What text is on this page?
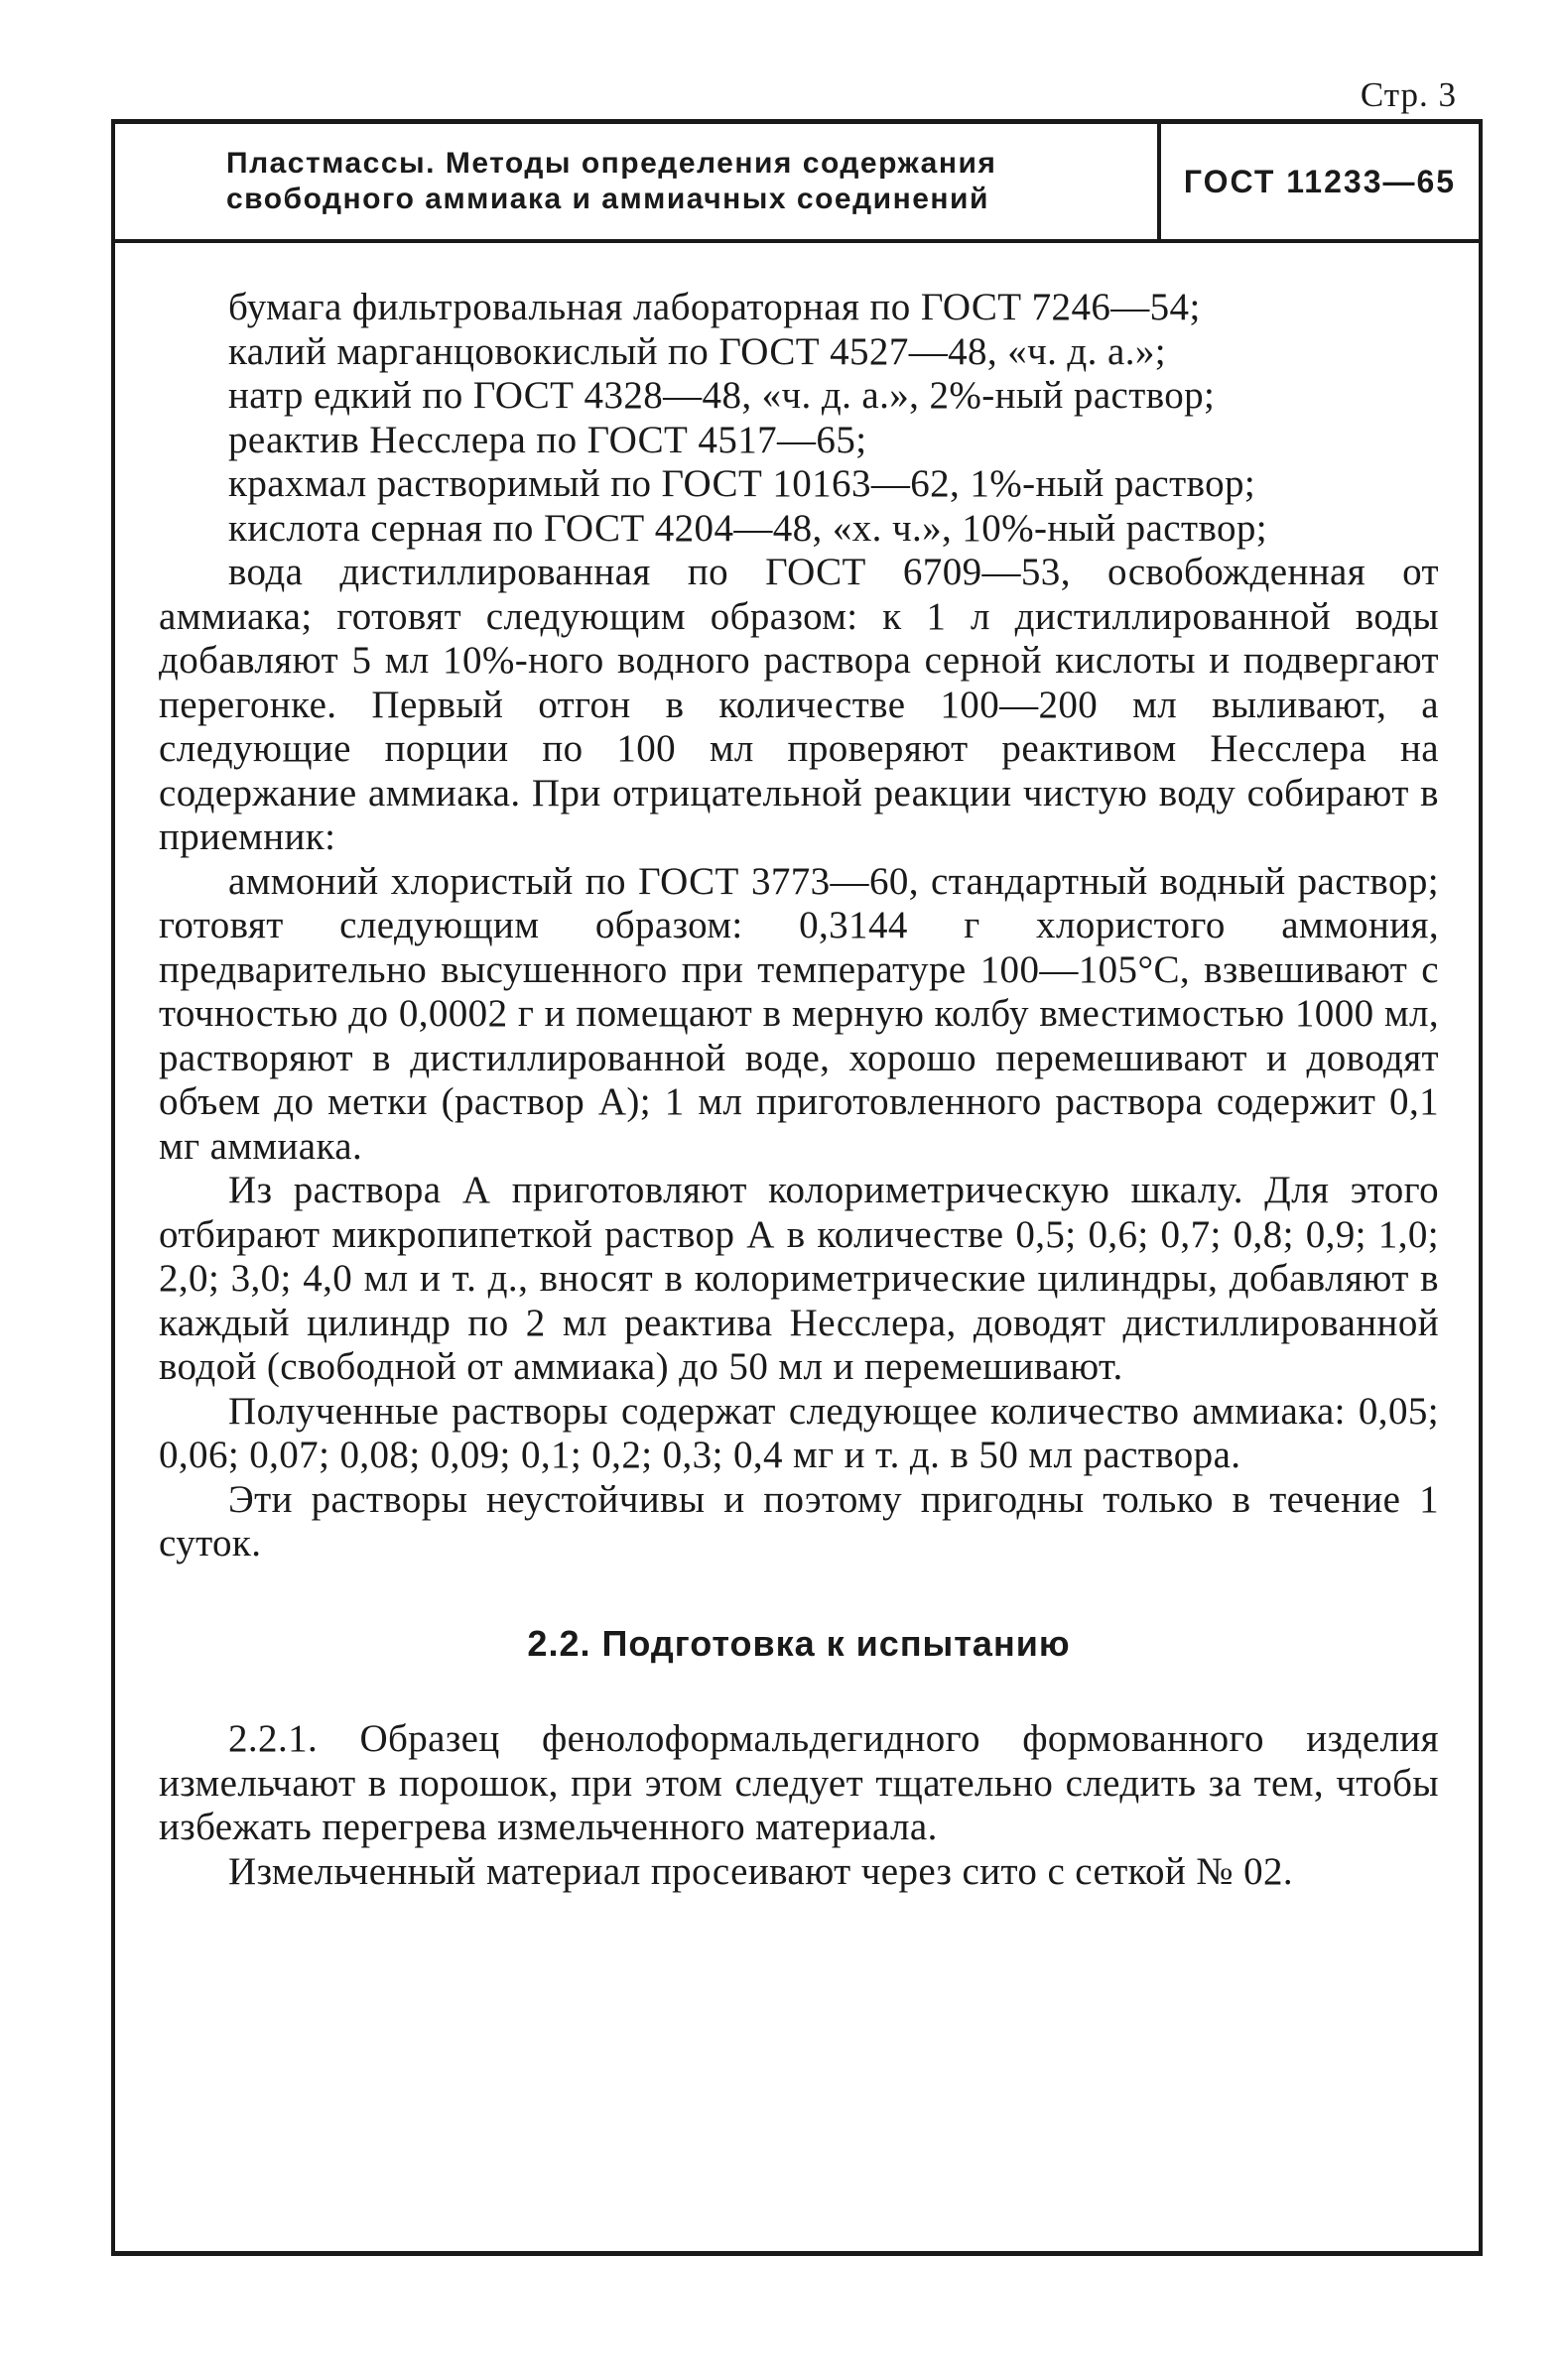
Стр. 3
Пластмассы. Методы определения содержания
свободного аммиака и аммиачных соединений	ГОСТ 11233—65

бумага фильтровальная лабораторная по ГОСТ 7246—54;

калий марганцовокислый по ГОСТ 4527—48, «ч. д. а.»;

натр едкий по ГОСТ 4328—48, «ч. д. а.», 2%-ный раствор;

реактив Несслера по ГОСТ 4517—65;

крахмал растворимый по ГОСТ 10163—62, 1%-ный раствор;

кислота серная по ГОСТ 4204—48, «х. ч.», 10%-ный раствор;

вода дистиллированная по ГОСТ 6709—53, освобожденная от аммиака; готовят следующим образом: к 1 л дистиллированной воды добавляют 5 мл 10%-ного водного раствора серной кислоты и подвергают перегонке. Первый отгон в количестве 100—200 мл выливают, а следующие порции по 100 мл проверяют реактивом Несслера на содержание аммиака. При отрицательной реакции чистую воду собирают в приемник:

аммоний хлористый по ГОСТ 3773—60, стандартный водный раствор; готовят следующим образом: 0,3144 г хлористого аммония, предварительно высушенного при температуре 100—105°С, взвешивают с точностью до 0,0002 г и помещают в мерную колбу вместимостью 1000 мл, растворяют в дистиллированной воде, хорошо перемешивают и доводят объем до метки (раствор А); 1 мл приготовленного раствора содержит 0,1 мг аммиака.

Из раствора А приготовляют колориметрическую шкалу. Для этого отбирают микропипеткой раствор А в количестве 0,5; 0,6; 0,7; 0,8; 0,9; 1,0; 2,0; 3,0; 4,0 мл и т. д., вносят в колориметрические цилиндры, добавляют в каждый цилиндр по 2 мл реактива Несслера, доводят дистиллированной водой (свободной от аммиака) до 50 мл и перемешивают.

Полученные растворы содержат следующее количество аммиака: 0,05; 0,06; 0,07; 0,08; 0,09; 0,1; 0,2; 0,3; 0,4 мг и т. д. в 50 мл раствора.

Эти растворы неустойчивы и поэтому пригодны только в течение 1 суток.

2.2. Подготовка к испытанию

2.2.1. Образец фенолоформальдегидного формованного изделия измельчают в порошок, при этом следует тщательно следить за тем, чтобы избежать перегрева измельченного материала.

Измельченный материал просеивают через сито с сеткой № 02.
